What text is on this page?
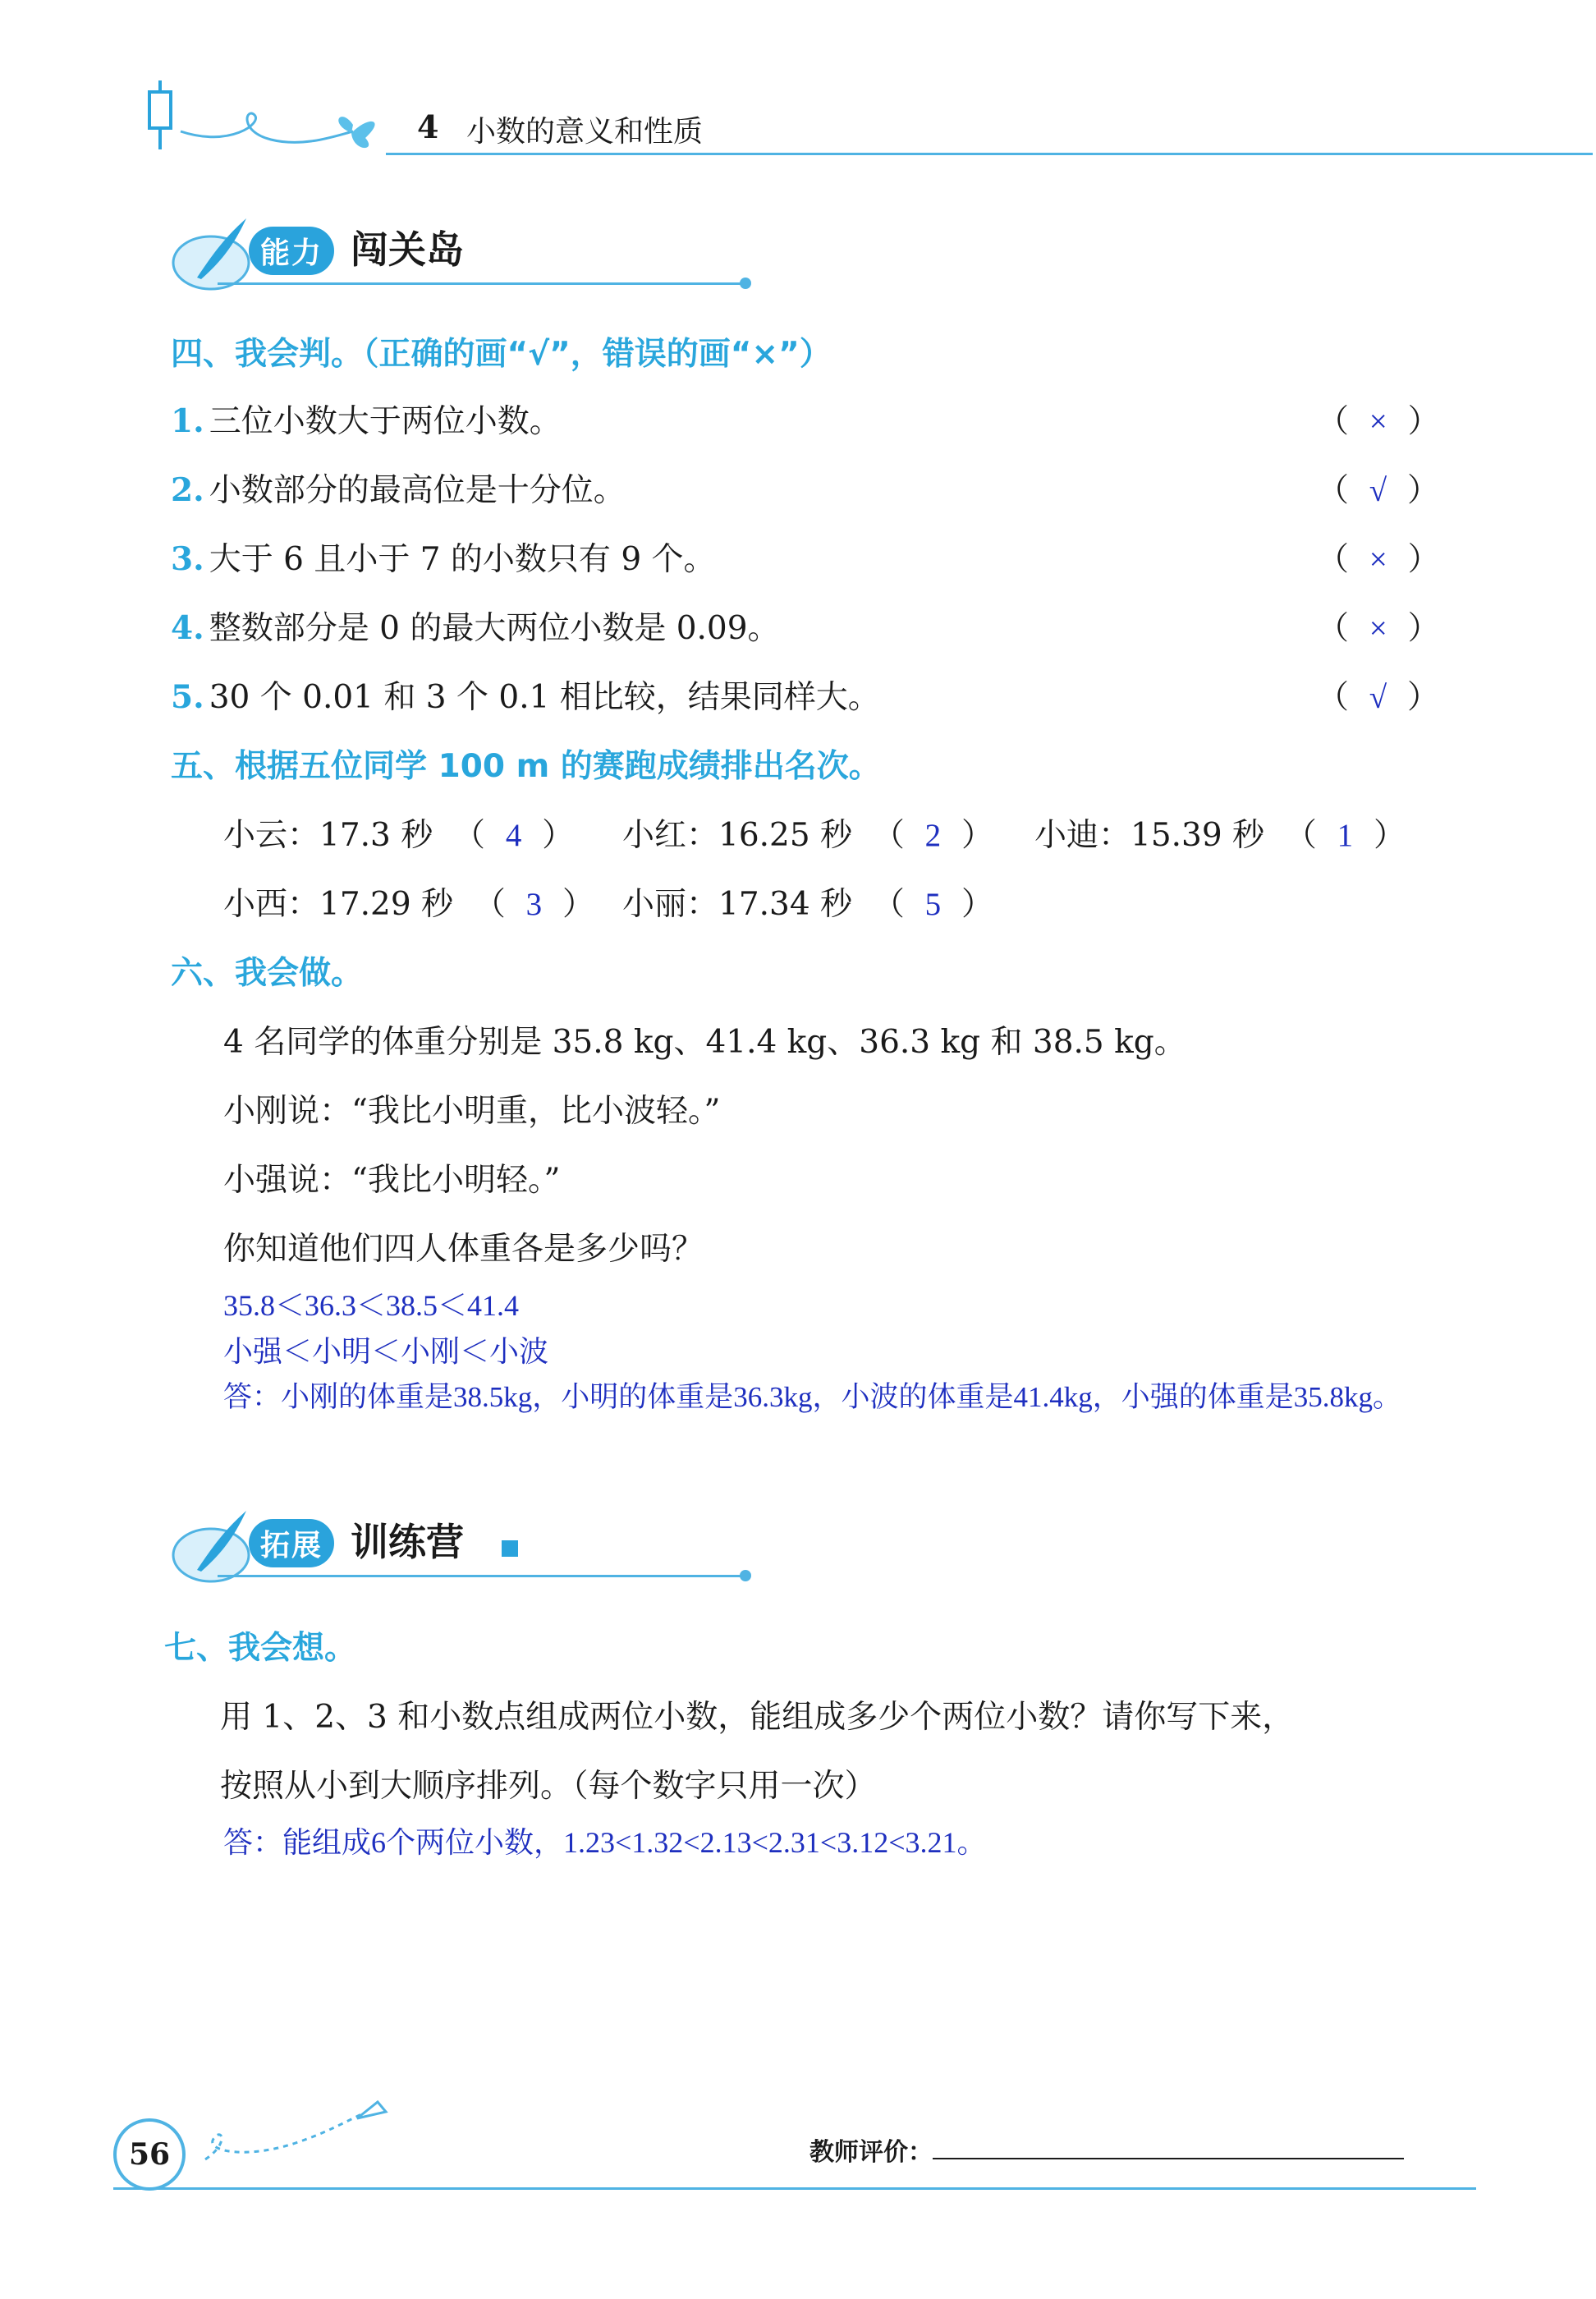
4 小数的意义和性质
能力 闯关岛
四、我会判。（正确的画“√”，错误的画“×”）
1. 三位小数大于两位小数。	（  ×  ）
2. 小数部分的最高位是十分位。	（  √  ）
3. 大于 6 且小于 7 的小数只有 9 个。	（  ×  ）
4. 整数部分是 0 的最大两位小数是 0.09。	（  ×  ）
5. 30 个 0.01 和 3 个 0.1 相比较，结果同样大。	（  √  ）
五、根据五位同学 100 m 的赛跑成绩排出名次。
小云：17.3 秒  （  4  ） 小红：16.25 秒  （  2  ） 小迪：15.39 秒  （  1  ）
小西：17.29 秒  （  3  ） 小丽：17.34 秒  （  5  ）
六、我会做。
4 名同学的体重分别是 35.8 kg、41.4 kg、36.3 kg 和 38.5 kg。
小刚说：“我比小明重，比小波轻。”
小强说：“我比小明轻。”
你知道他们四人体重各是多少吗？
35.8＜36.3＜38.5＜41.4
小强＜小明＜小刚＜小波
答：小刚的体重是38.5kg，小明的体重是36.3kg，小波的体重是41.4kg，小强的体重是35.8kg。
拓展 训练营
七、我会想。
用 1、2、3 和小数点组成两位小数，能组成多少个两位小数？请你写下来，
按照从小到大顺序排列。（每个数字只用一次）
答：能组成6个两位小数，1.23<1.32<2.13<2.31<3.12<3.21。
56	教师评价：
